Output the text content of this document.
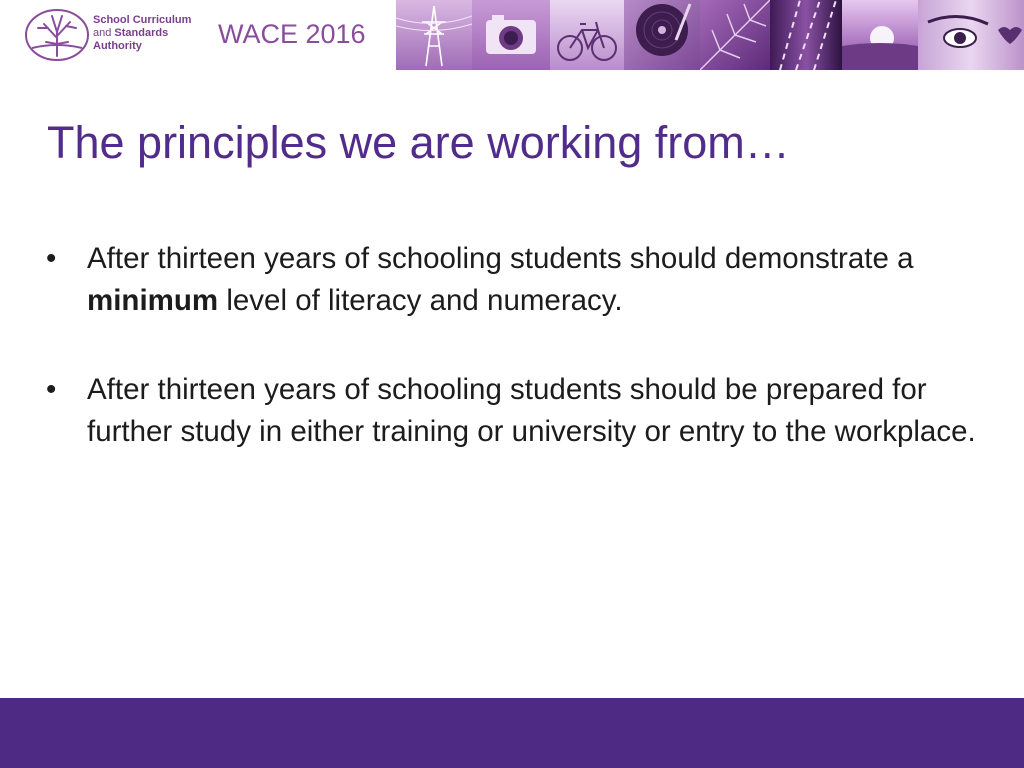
School Curriculum
and Standards
Authority	WACE 2016
The principles we are working from…
• After thirteen years of schooling students should demonstrate a minimum level of literacy and numeracy.
• After thirteen years of schooling students should be prepared for further study in either training or university or entry to the workplace.
